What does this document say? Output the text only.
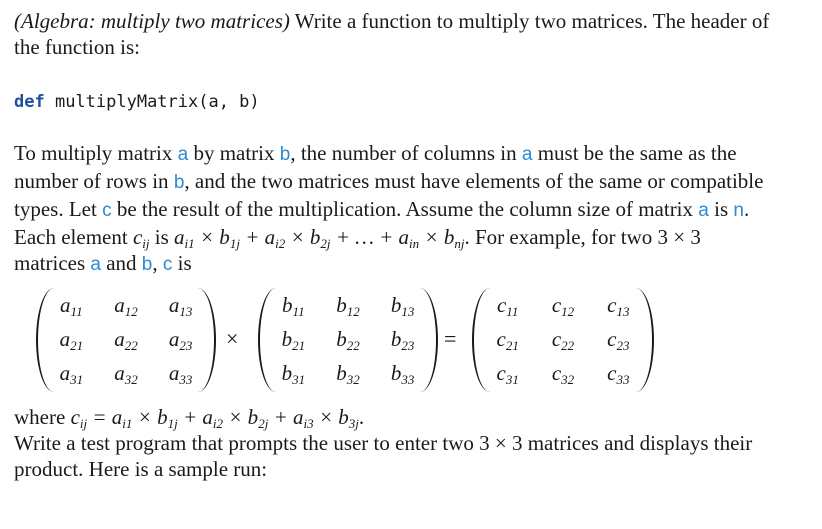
(Algebra: multiply two matrices) Write a function to multiply two matrices. The header of the function is:

def multiplyMatrix(a, b)

To multiply matrix a by matrix b, the number of columns in a must be the same as the number of rows in b, and the two matrices must have elements of the same or compatible types. Let c be the result of the multiplication. Assume the column size of matrix a is n. Each element $c_{ij}$ is $a_{i1} \times b_{1j} + a_{i2} \times b_{2j}$ + … + $a_{in} \times b_{nj}$. For example, for two 3 × 3 matrices a and b, c is

$a_{11}$	$a_{12}$	$a_{13}$
$a_{21}$	$a_{22}$	$a_{23}$
$a_{31}$	$a_{32}$	$a_{33}$
×
$b_{11}$	$b_{12}$	$b_{13}$
$b_{21}$	$b_{22}$	$b_{23}$
$b_{31}$	$b_{32}$	$b_{33}$
=
$c_{11}$	$c_{12}$	$c_{13}$
$c_{21}$	$c_{22}$	$c_{23}$
$c_{31}$	$c_{32}$	$c_{33}$

where $c_{ij} = a_{i1} \times b_{1j} + a_{i2} \times b_{2j} + a_{i3} \times b_{3j}$.

Write a test program that prompts the user to enter two 3 × 3 matrices and displays their product. Here is a sample run:
